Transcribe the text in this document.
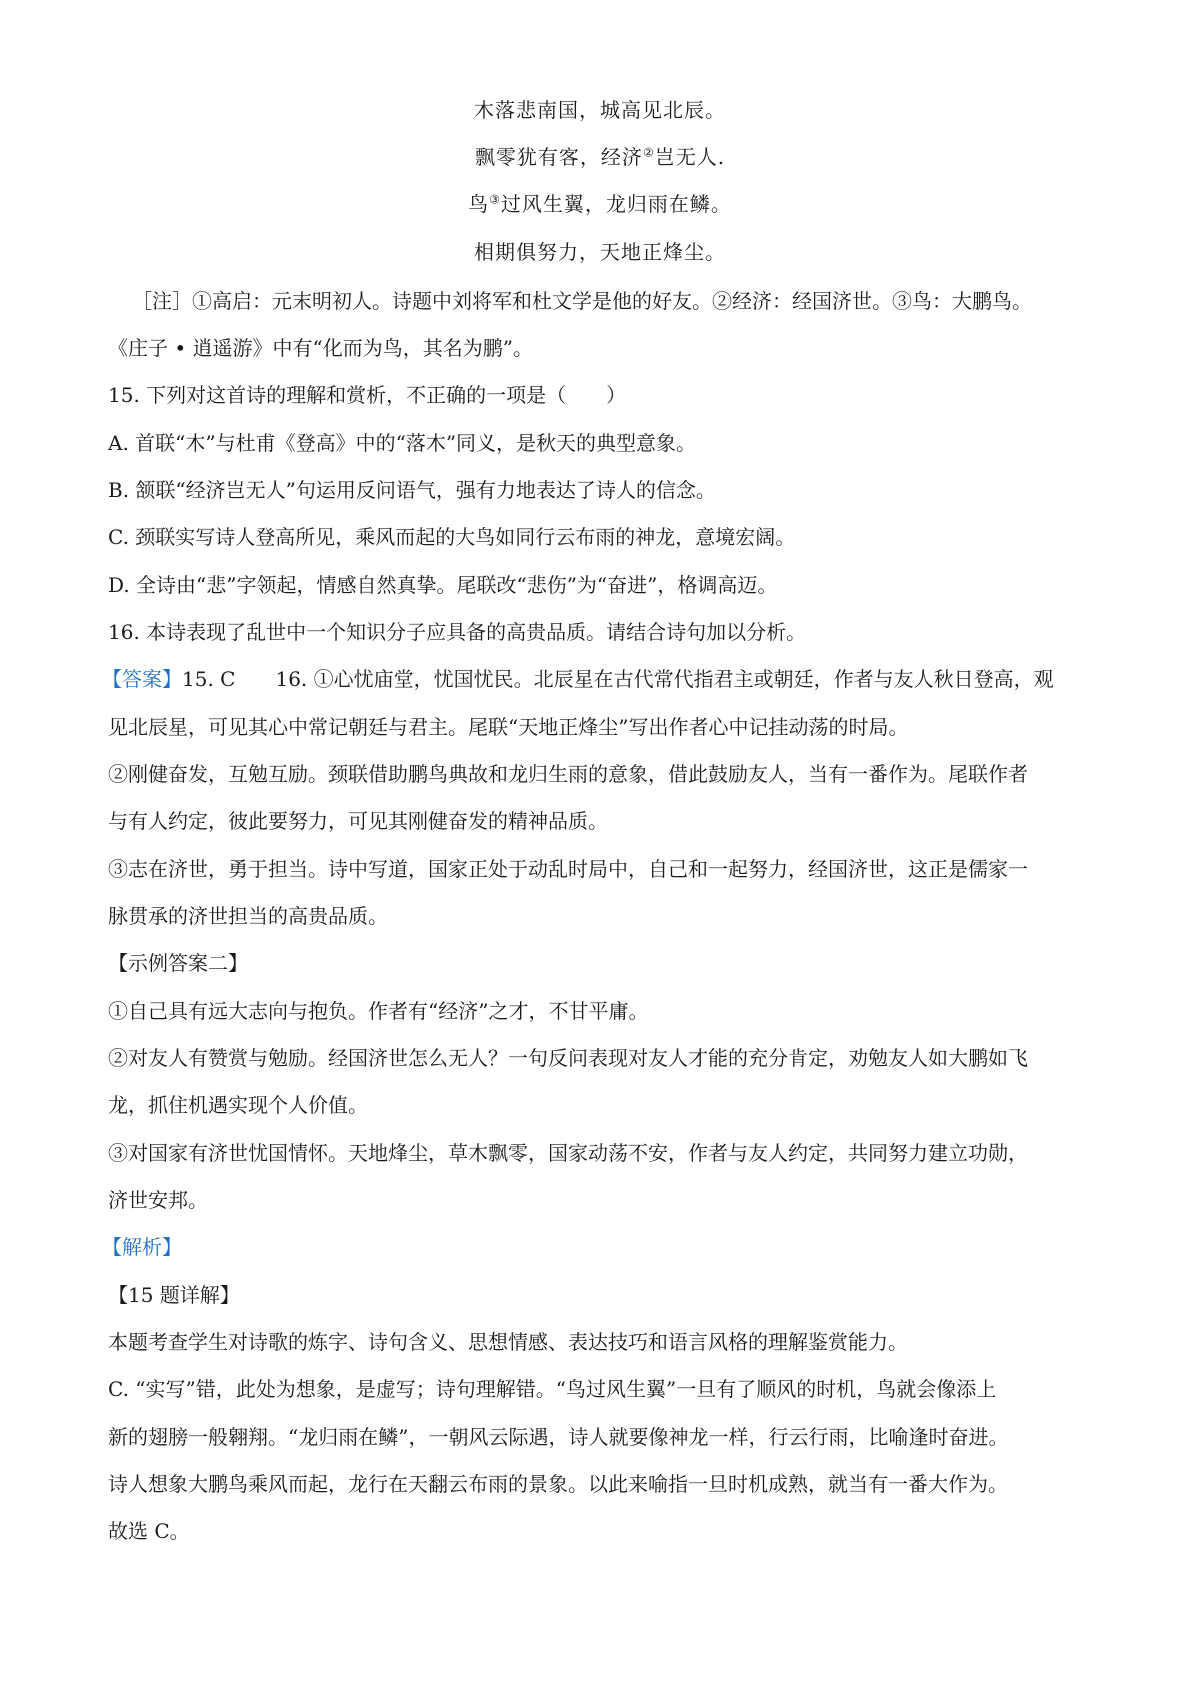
木落悲南国，城高见北辰。
飘零犹有客，经济②岂无人.
鸟③过风生翼，龙归雨在鳞。
相期俱努力，天地正烽尘。
［注］①高启：元末明初人。诗题中刘将军和杜文学是他的好友。②经济：经国济世。③鸟：大鹏鸟。
《庄子 • 逍遥游》中有“化而为鸟，其名为鹏”。
15. 下列对这首诗的理解和赏析，不正确的一项是（　　）
A. 首联“木”与杜甫《登高》中的“落木”同义，是秋天的典型意象。
B. 颔联“经济岂无人”句运用反问语气，强有力地表达了诗人的信念。
C. 颈联实写诗人登高所见，乘风而起的大鸟如同行云布雨的神龙，意境宏阔。
D. 全诗由“悲”字领起，情感自然真挚。尾联改“悲伤”为“奋进”，格调高迈。
16. 本诗表现了乱世中一个知识分子应具备的高贵品质。请结合诗句加以分析。
【答案】15. C　　16. ①心忧庙堂，忧国忧民。北辰星在古代常代指君主或朝廷，作者与友人秋日登高，观
见北辰星，可见其心中常记朝廷与君主。尾联“天地正烽尘”写出作者心中记挂动荡的时局。
②刚健奋发，互勉互励。颈联借助鹏鸟典故和龙归生雨的意象，借此鼓励友人，当有一番作为。尾联作者
与有人约定，彼此要努力，可见其刚健奋发的精神品质。
③志在济世，勇于担当。诗中写道，国家正处于动乱时局中，自己和一起努力，经国济世，这正是儒家一
脉贯承的济世担当的高贵品质。
【示例答案二】
①自己具有远大志向与抱负。作者有“经济”之才，不甘平庸。
②对友人有赞赏与勉励。经国济世怎么无人？一句反问表现对友人才能的充分肯定，劝勉友人如大鹏如飞
龙，抓住机遇实现个人价值。
③对国家有济世忧国情怀。天地烽尘，草木飘零，国家动荡不安，作者与友人约定，共同努力建立功勋，
济世安邦。
【解析】
【15 题详解】
本题考查学生对诗歌的炼字、诗句含义、思想情感、表达技巧和语言风格的理解鉴赏能力。
C. “实写”错，此处为想象，是虚写；诗句理解错。“鸟过风生翼”一旦有了顺风的时机，鸟就会像添上
新的翅膀一般翱翔。“龙归雨在鳞”，一朝风云际遇，诗人就要像神龙一样，行云行雨，比喻逢时奋进。
诗人想象大鹏鸟乘风而起，龙行在天翻云布雨的景象。以此来喻指一旦时机成熟，就当有一番大作为。
故选 C。
